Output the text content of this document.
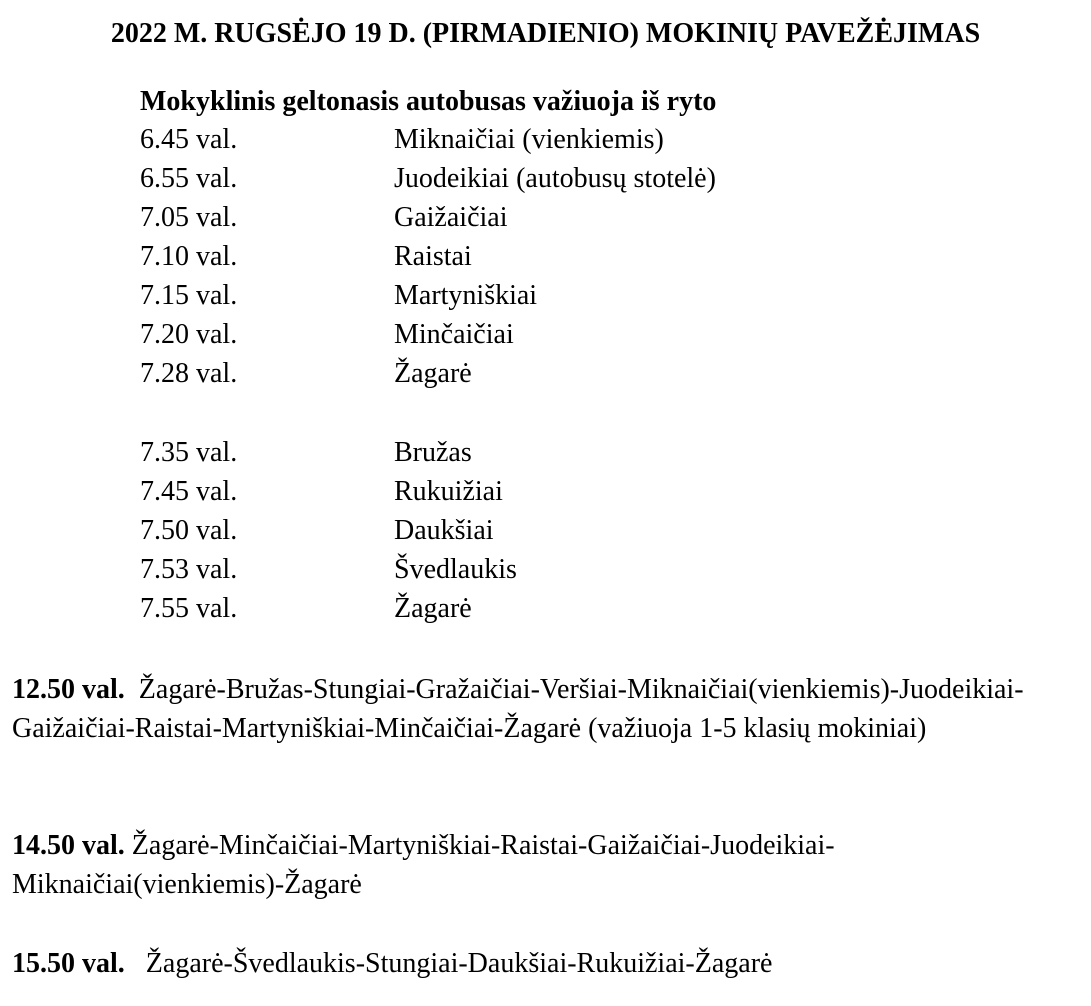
2022 M. RUGSĖJO 19 D. (PIRMADIENIO) MOKINIŲ PAVEŽĖJIMAS
Mokyklinis geltonasis autobusas važiuoja iš ryto
6.45 val.	Miknaičiai (vienkiemis)
6.55 val.	Juodeikiai (autobusų stotelė)
7.05 val.	Gaižaičiai
7.10 val.	Raistai
7.15 val.	Martyniškiai
7.20 val.	Minčaičiai
7.28 val.	Žagarė
7.35 val.	Bružas
7.45 val.	Rukuižiai
7.50 val.	Daukšiai
7.53 val.	Švedlaukis
7.55 val.	Žagarė
12.50 val. Žagarė-Bružas-Stungiai-Gražaičiai-Veršiai-Miknaičiai(vienkiemis)-Juodeikiai-Gaižaičiai-Raistai-Martyniškiai-Minčaičiai-Žagarė (važiuoja 1-5 klasių mokiniai)
14.50 val. Žagarė-Minčaičiai-Martyniškiai-Raistai-Gaižaičiai-Juodeikiai-Miknaičiai(vienkiemis)-Žagarė
15.50 val. Žagarė-Švedlaukis-Stungiai-Daukšiai-Rukuižiai-Žagarė
